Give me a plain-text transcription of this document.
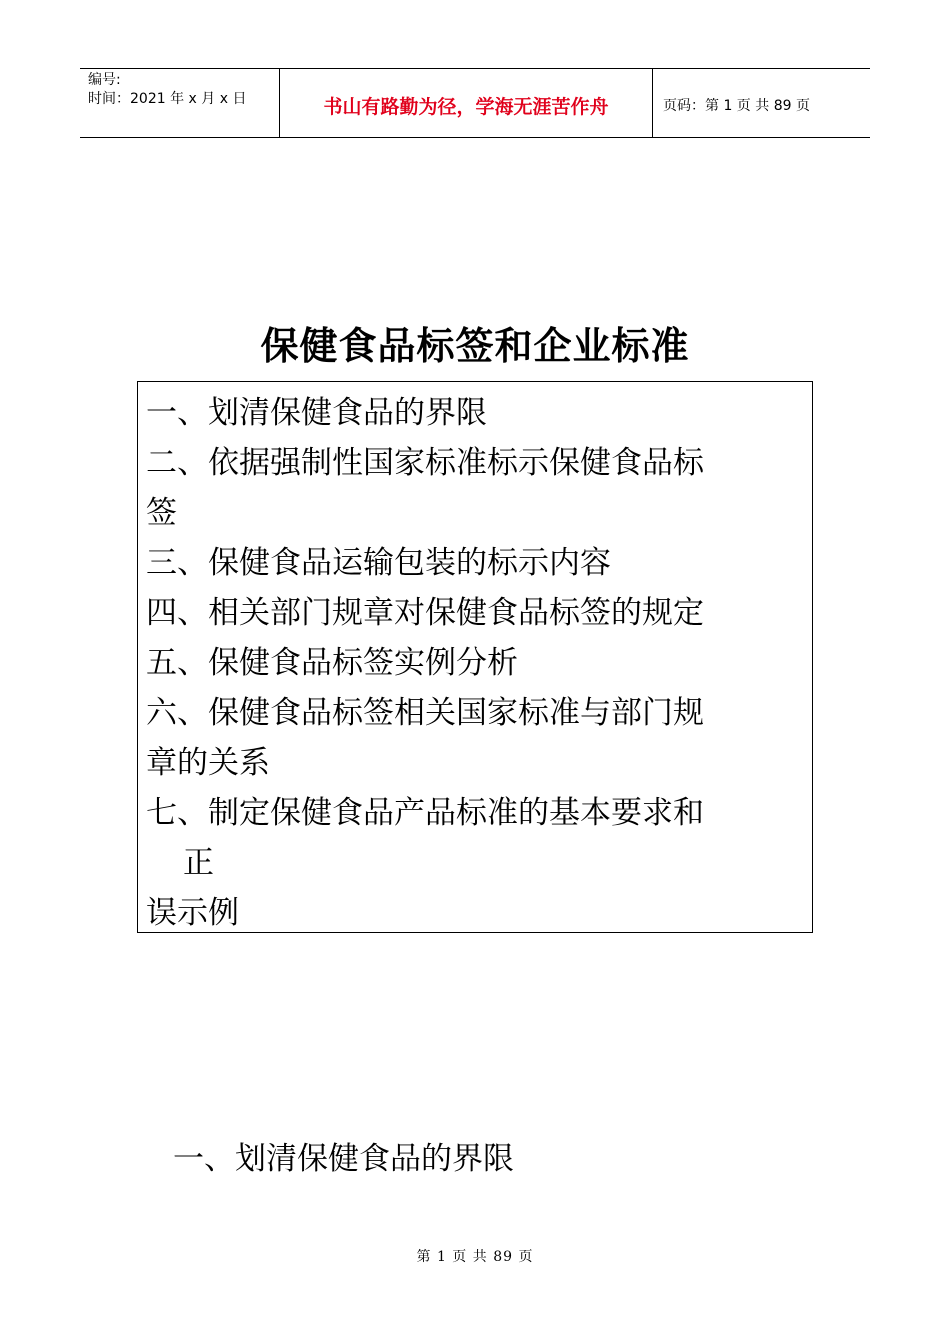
编号:
时间：2021 年 x 月 x 日	书山有路勤为径，学海无涯苦作舟	页码：第 1 页 共 89 页
保健食品标签和企业标准
一、划清保健食品的界限
二、依据强制性国家标准标示保健食品标
签
三、保健食品运输包装的标示内容
四、相关部门规章对保健食品标签的规定
五、保健食品标签实例分析
六、保健食品标签相关国家标准与部门规
章的关系
七、制定保健食品产品标准的基本要求和
正
误示例
一、划清保健食品的界限
第 1 页 共 89 页
